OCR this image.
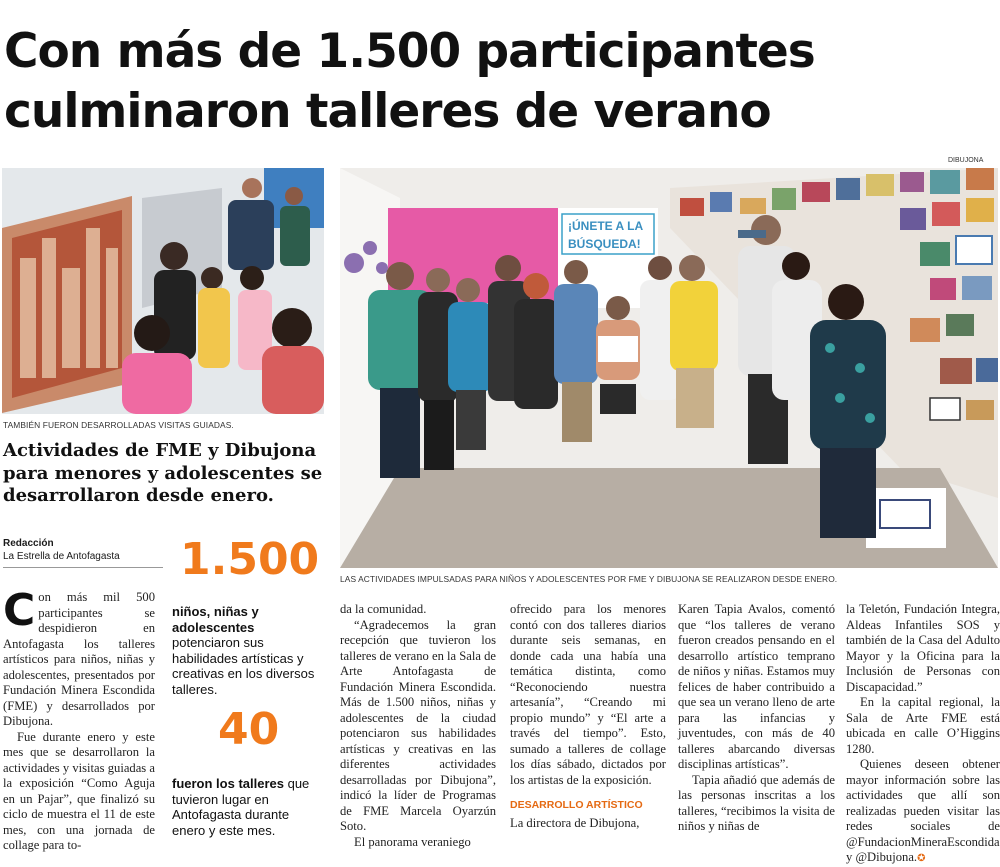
Con más de 1.500 participantes
culminaron talleres de verano
TAMBIÉN FUERON DESARROLLADAS VISITAS GUIADAS.
DIBUJONA
¡ÚNETE A LA
BÚSQUEDA!
LAS ACTIVIDADES IMPULSADAS PARA NIÑOS Y ADOLESCENTES POR FME Y DIBUJONA SE REALIZARON DESDE ENERO.
Actividades de FME y Dibujona para menores y adolescentes se desarrollaron desde enero.
Redacción
La Estrella de Antofagasta

Con más mil 500 participantes se despidieron en Antofagasta los talleres artísticos para niños, niñas y adolescentes, presentados por Fundación Minera Escondida (FME) y desarrollados por Dibujona.

Fue durante enero y este mes que se desarrollaron la actividades y visitas guiadas a la exposición “Como Aguja en un Pajar”, que finalizó su ciclo de muestra el 11 de este mes, con una jornada de collage para to-

1.500
niños, niñas y adolescentes potenciaron sus habilidades artísticas y creativas en los diversos talleres.
40
fueron los talleres que tuvieron lugar en Antofagasta durante enero y este mes.

da la comunidad.

“Agradecemos la gran recepción que tuvieron los talleres de verano en la Sala de Arte Antofagasta de Fundación Minera Escondida. Más de 1.500 niños, niñas y adolescentes de la ciudad potenciaron sus habilidades artísticas y creativas en las diferentes actividades desarrolladas por Dibujona”, indicó la líder de Programas de FME Marcela Oyarzún Soto.

El panorama veraniego

ofrecido para los menores contó con dos talleres diarios durante seis semanas, en donde cada una había una temática distinta, como “Reconociendo nuestra artesanía”, “Creando mi propio mundo” y “El arte a través del tiempo”. Esto, sumado a talleres de collage los días sábado, dictados por los artistas de la exposición.

DESARROLLO ARTÍSTICO

La directora de Dibujona,

Karen Tapia Avalos, comentó que “los talleres de verano fueron creados pensando en el desarrollo artístico temprano de niños y niñas. Estamos muy felices de haber contribuido a que sea un verano lleno de arte para las infancias y juventudes, con más de 40 talleres abarcando diversas disciplinas artísticas”.

Tapia añadió que además de las personas inscritas a los talleres, “recibimos la visita de niños y niñas de

la Teletón, Fundación Integra, Aldeas Infantiles SOS y también de la Casa del Adulto Mayor y la Oficina para la Inclusión de Personas con Discapacidad.”

En la capital regional, la Sala de Arte FME está ubicada en calle O’Higgins 1280.

Quienes deseen obtener mayor información sobre las actividades que allí son realizadas pueden visitar las redes sociales de @FundacionMineraEscondida y @Dibujona.✪
